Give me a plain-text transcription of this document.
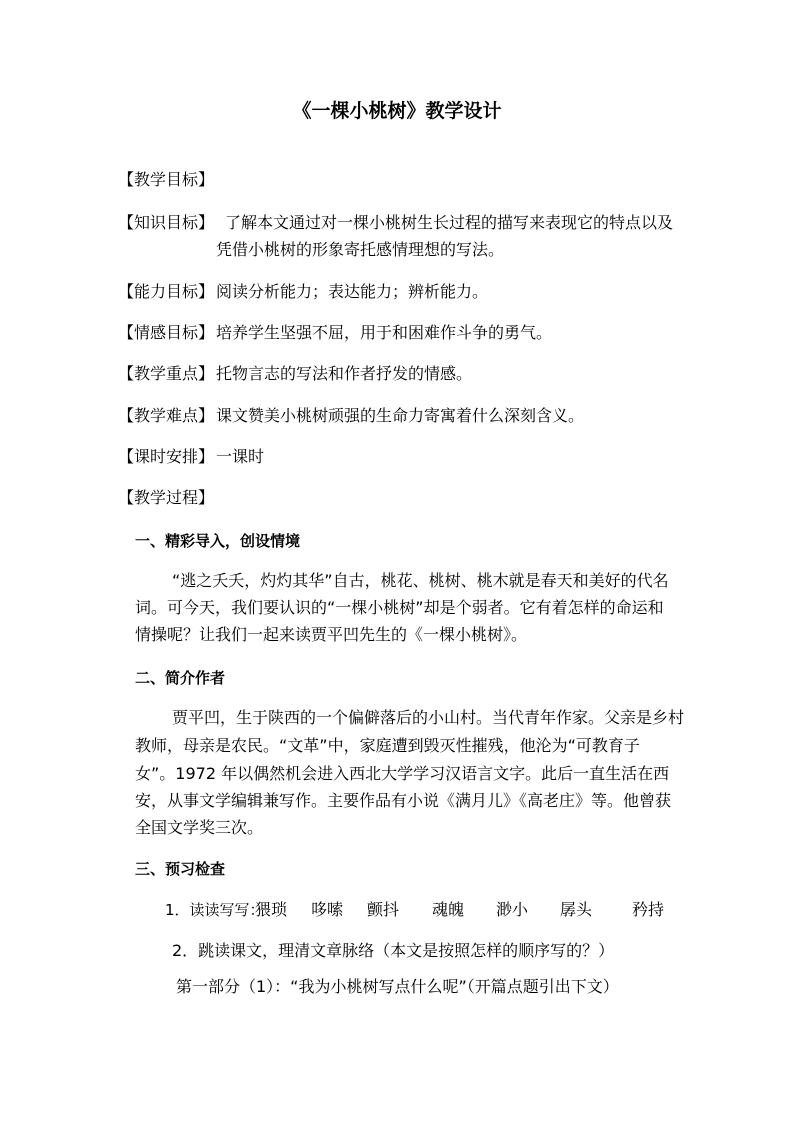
《一棵小桃树》教学设计
【教学目标】
【知识目标】 了解本文通过对一棵小桃树生长过程的描写来表现它的特点以及
凭借小桃树的形象寄托感情理想的写法。
【能力目标】 阅读分析能力；表达能力；辨析能力。
【情感目标】 培养学生坚强不屈，用于和困难作斗争的勇气。
【教学重点】 托物言志的写法和作者抒发的情感。
【教学难点】 课文赞美小桃树顽强的生命力寄寓着什么深刻含义。
【课时安排】 一课时
【教学过程】
一、精彩导入，创设情境
“逃之夭夭，灼灼其华”自古，桃花、桃树、桃木就是春天和美好的代名
词。可今天，我们要认识的“一棵小桃树”却是个弱者。它有着怎样的命运和
情操呢？让我们一起来读贾平凹先生的《一棵小桃树》。
二、简介作者
贾平凹，生于陕西的一个偏僻落后的小山村。当代青年作家。父亲是乡村
教师，母亲是农民。“文革”中，家庭遭到毁灭性摧残，他沦为“可教育子
女”。1972 年以偶然机会进入西北大学学习汉语言文字。此后一直生活在西
安，从事文学编辑兼写作。主要作品有小说《满月儿》《高老庄》等。他曾获
全国文学奖三次。
三、预习检查
1．读读写写：
猥琐 哆嗦 颤抖 魂魄 渺小 孱头 矜持
2．跳读课文，理清文章脉络（本文是按照怎样的顺序写的？）
第一部分（1）：“我为小桃树写点什么呢”（开篇点题引出下文）
